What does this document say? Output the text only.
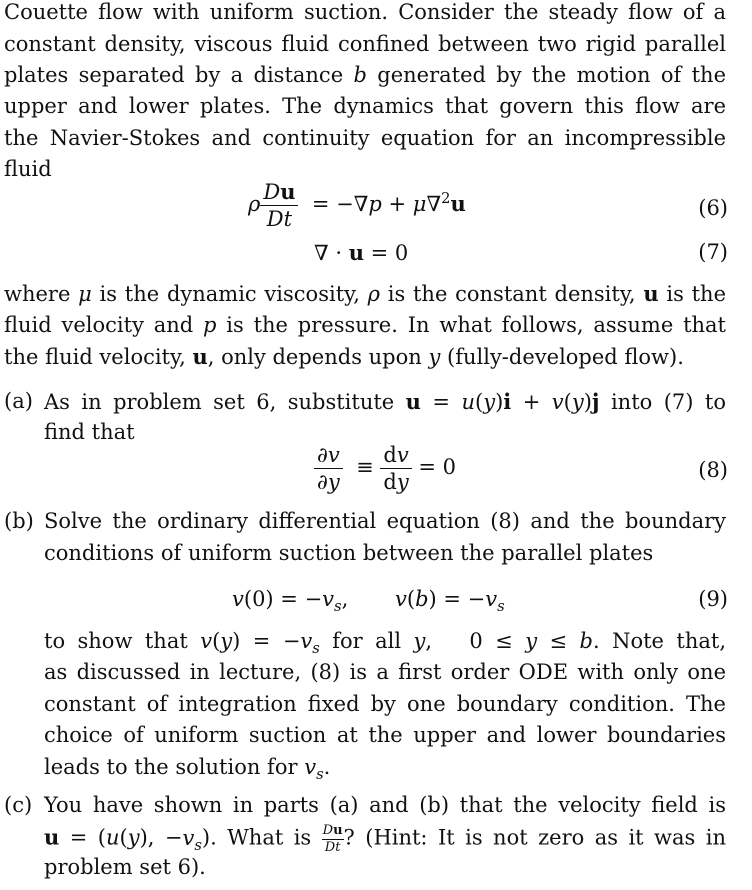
Couette flow with uniform suction. Consider the steady flow of a
constant density, viscous fluid confined between two rigid parallel
plates separated by a distance b generated by the motion of the
upper and lower plates. The dynamics that govern this flow are
the Navier-Stokes and continuity equation for an incompressible
fluid
ρ $\frac{Du}{Dt} = -\nabla p + \mu\nabla^2u$	(6)
∇ · u = 0	(7)
where μ is the dynamic viscosity, ρ is the constant density, u is the
fluid velocity and p is the pressure. In what follows, assume that
the fluid velocity, u, only depends upon y (fully-developed flow).
(a) As in problem set 6, substitute u = u(y)i + v(y)j into (7) to
find that
$\frac{\partial v}{\partial y} \equiv \frac{dv}{dy} = 0$	(8)
(b) Solve the ordinary differential equation (8) and the boundary
conditions of uniform suction between the parallel plates
$v(0) = -v_s$,       $v(b) = -v_s$	(9)
to show that $v(y) = -v_s$ for all y,   0 ≤ y ≤ b. Note that,
as discussed in lecture, (8) is a first order ODE with only one
constant of integration fixed by one boundary condition. The
choice of uniform suction at the upper and lower boundaries
leads to the solution for $v_s$.
(c) You have shown in parts (a) and (b) that the velocity field is
u = (u(y), $-v_s$). What is $\frac{Du}{Dt}$ ? (Hint: It is not zero as it was in
problem set 6).
